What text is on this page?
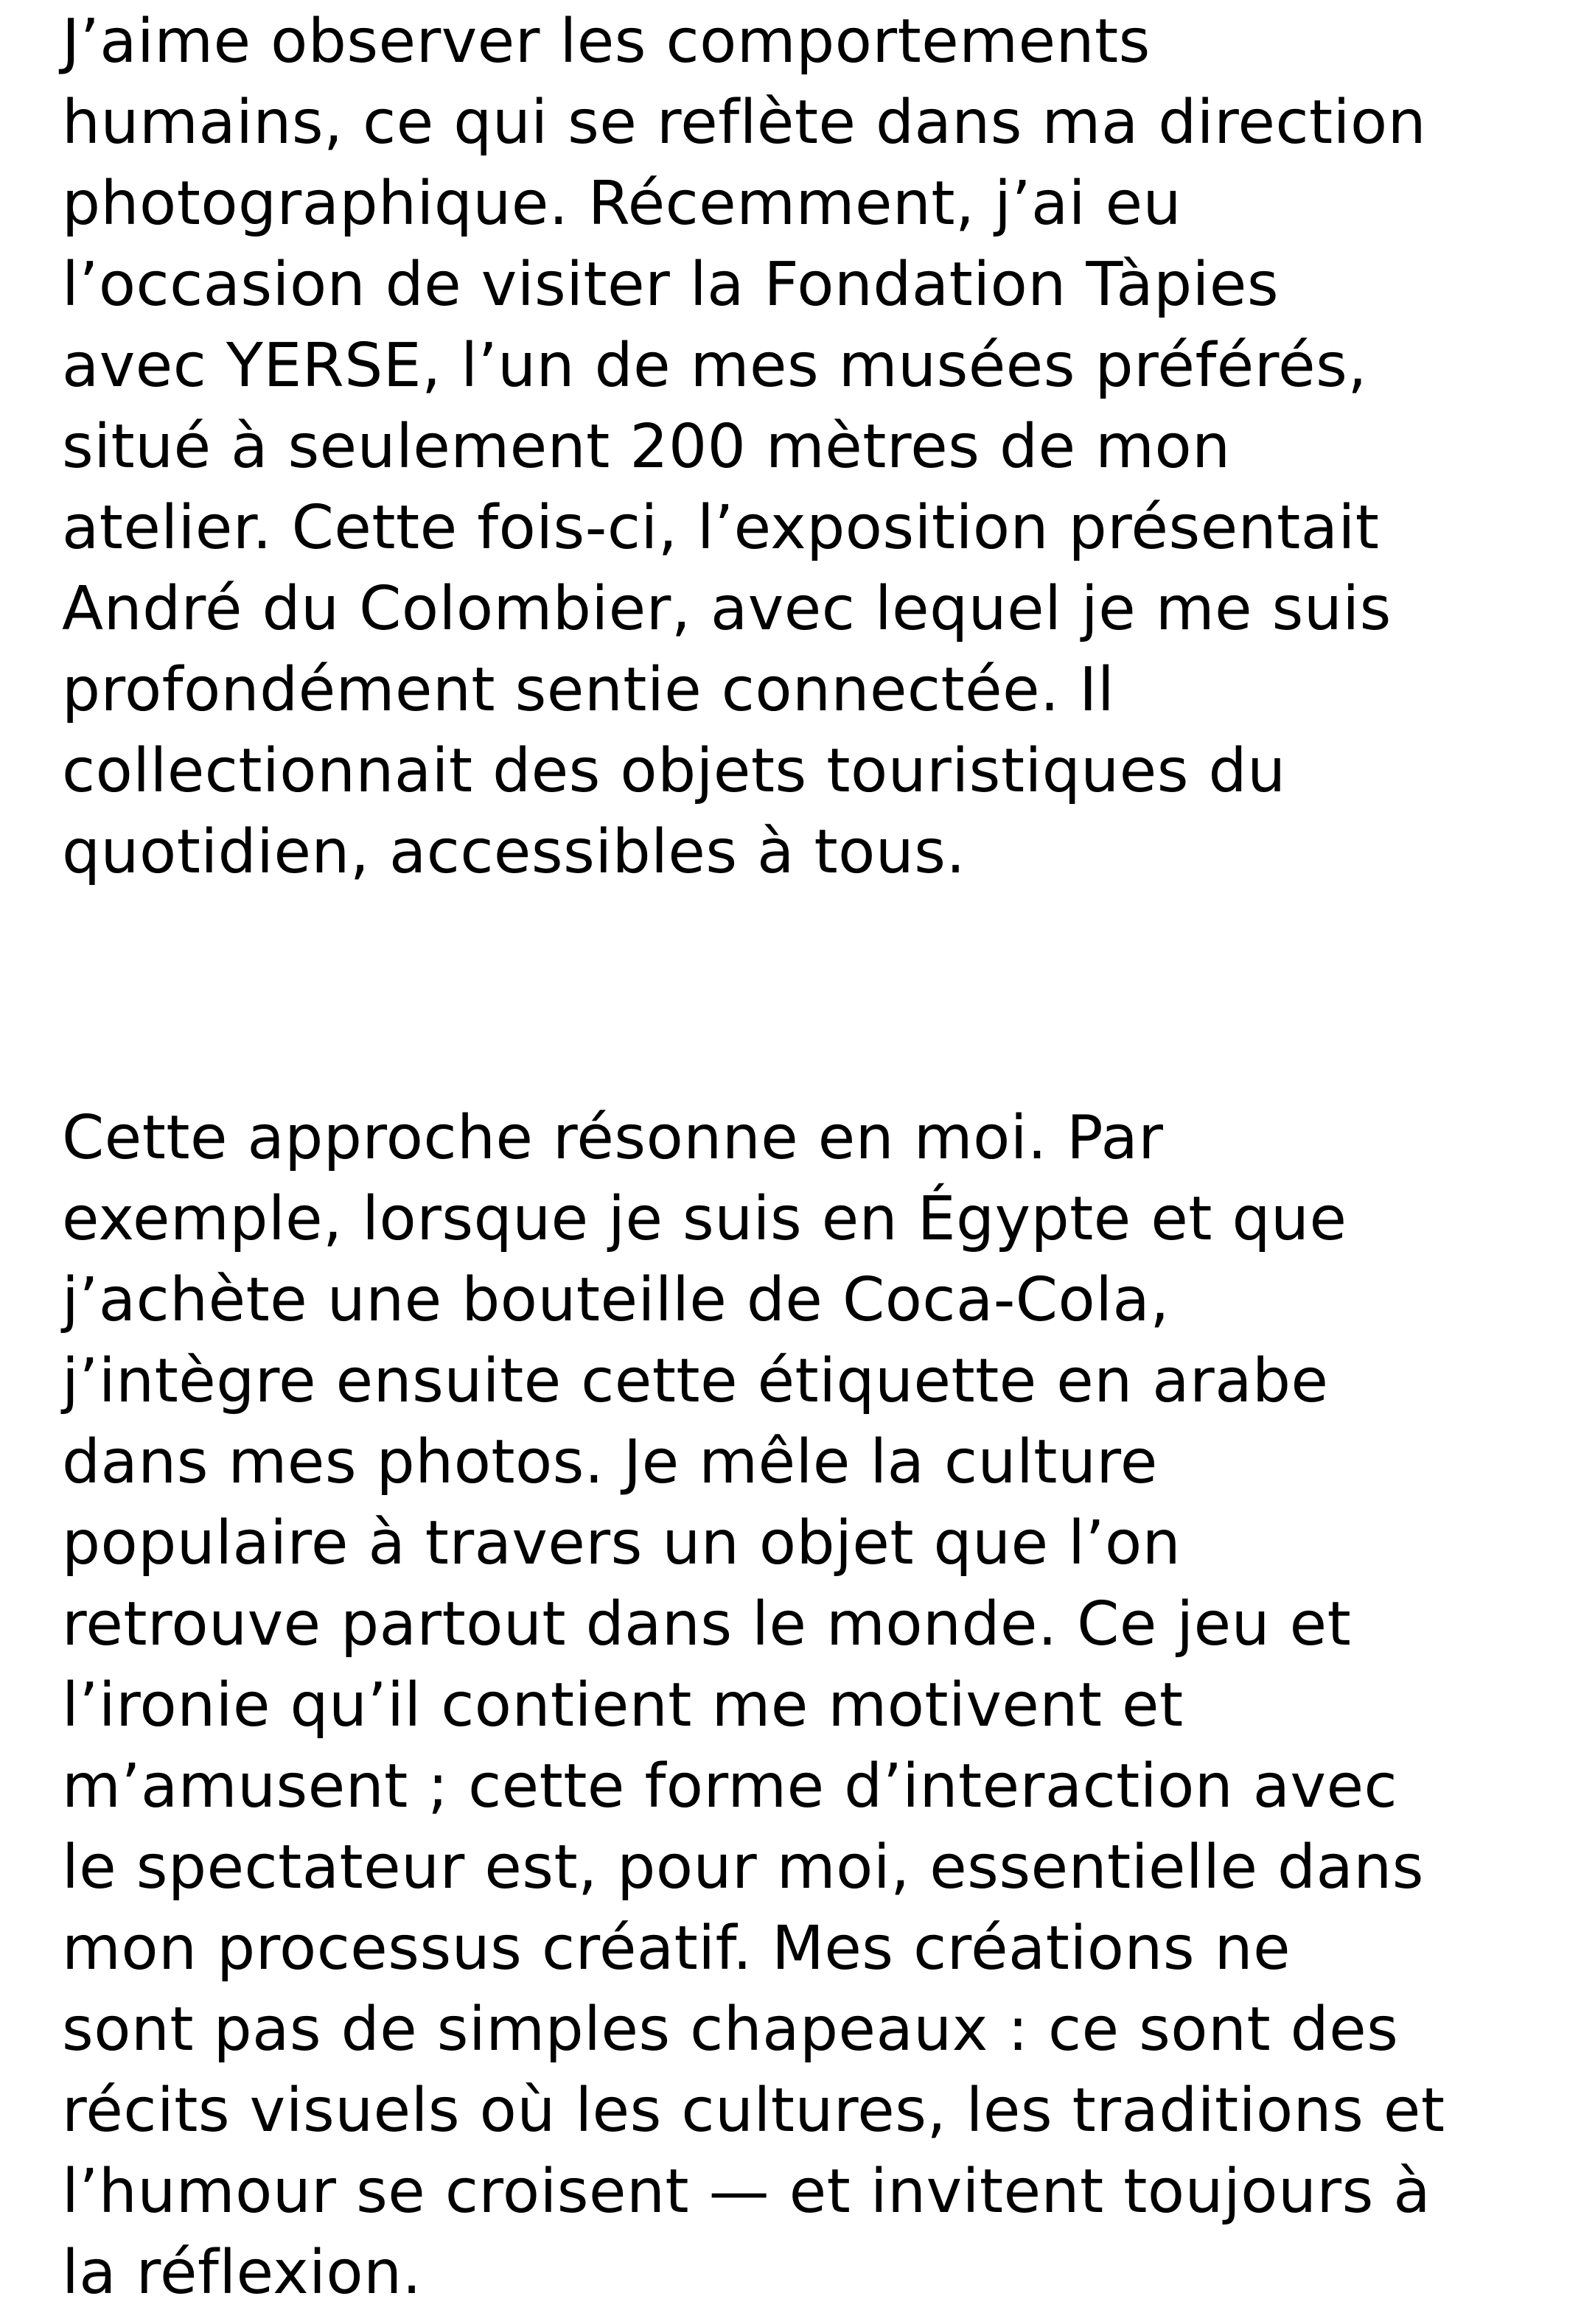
J’aime observer les comportements
humains, ce qui se reflète dans ma direction
photographique. Récemment, j’ai eu
l’occasion de visiter la Fondation Tàpies
avec YERSE, l’un de mes musées préférés,
situé à seulement 200 mètres de mon
atelier. Cette fois-ci, l’exposition présentait
André du Colombier, avec lequel je me suis
profondément sentie connectée. Il
collectionnait des objets touristiques du
quotidien, accessibles à tous.
Cette approche résonne en moi. Par
exemple, lorsque je suis en Égypte et que
j’achète une bouteille de Coca-Cola,
j’intègre ensuite cette étiquette en arabe
dans mes photos. Je mêle la culture
populaire à travers un objet que l’on
retrouve partout dans le monde. Ce jeu et
l’ironie qu’il contient me motivent et
m’amusent ; cette forme d’interaction avec
le spectateur est, pour moi, essentielle dans
mon processus créatif. Mes créations ne
sont pas de simples chapeaux : ce sont des
récits visuels où les cultures, les traditions et
l’humour se croisent — et invitent toujours à
la réflexion.
